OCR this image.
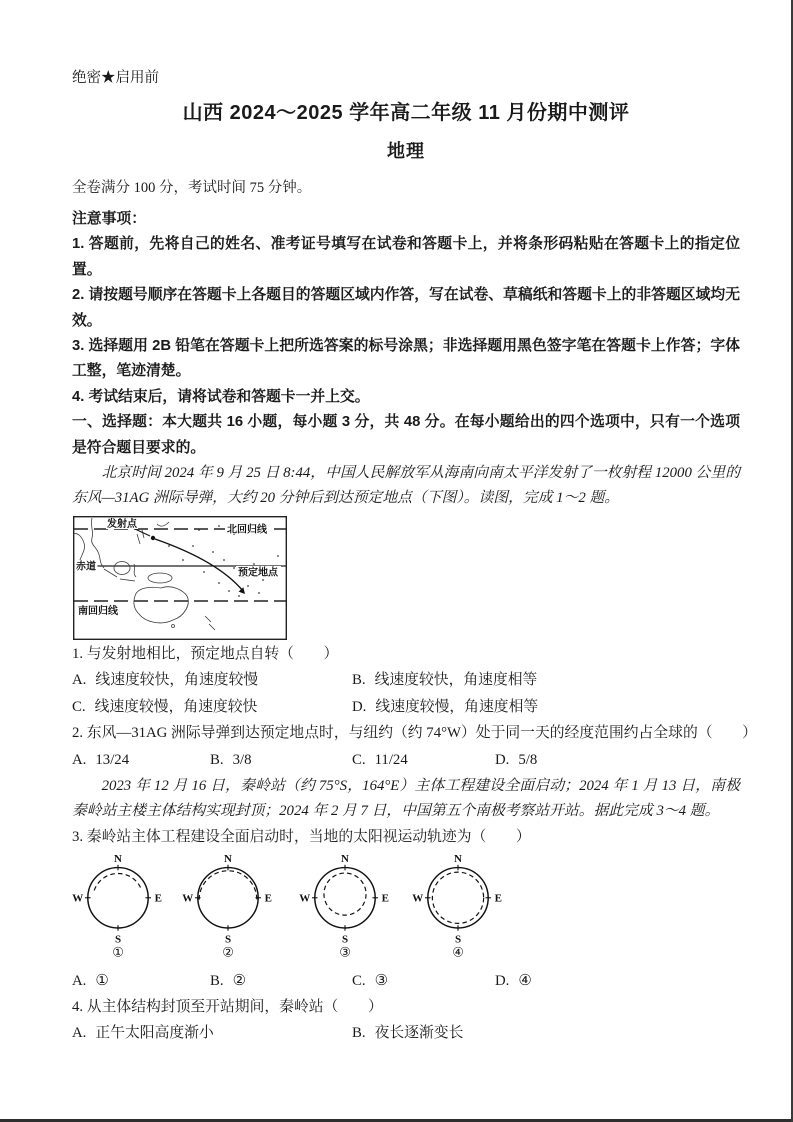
绝密★启用前

山西 2024～2025 学年高二年级 11 月份期中测评

地理

全卷满分 100 分，考试时间 75 分钟。

注意事项：

1. 答题前，先将自己的姓名、准考证号填写在试卷和答题卡上，并将条形码粘贴在答题卡上的指定位置。

2. 请按题号顺序在答题卡上各题目的答题区域内作答，写在试卷、草稿纸和答题卡上的非答题区域均无效。

3. 选择题用 2B 铅笔在答题卡上把所选答案的标号涂黑；非选择题用黑色签字笔在答题卡上作答；字体工整，笔迹清楚。

4. 考试结束后，请将试卷和答题卡一并上交。

一、选择题：本大题共 16 小题，每小题 3 分，共 48 分。在每小题给出的四个选项中，只有一个选项是符合题目要求的。

北京时间 2024 年 9 月 25 日 8:44，中国人民解放军从海南向南太平洋发射了一枚射程 12000 公里的东风—31AG 洲际导弹，大约 20 分钟后到达预定地点（下图）。读图，完成 1～2 题。

发射点	北回归线
赤道
预定地点
南回归线

1. 与发射地相比，预定地点自转（　　）

A. 线速度较快，角速度较慢	B. 线速度较快，角速度相等
C. 线速度较慢，角速度较快	D. 线速度较慢，角速度相等

2. 东风—31AG 洲际导弹到达预定地点时，与纽约（约 74°W）处于同一天的经度范围约占全球的（　　）

A. 13/24	B. 3/8	C. 11/24	D. 5/8

2023 年 12 月 16 日，秦岭站（约 75°S，164°E）主体工程建设全面启动；2024 年 1 月 13 日，南极秦岭站主楼主体结构实现封顶；2024 年 2 月 7 日，中国第五个南极考察站开站。据此完成 3～4 题。

3. 秦岭站主体工程建设全面启动时，当地的太阳视运动轨迹为（　　）

N
S
W	E
①
N
S
W	E
②
N
S
W	E
③
N
S
W	E
④
A. ①	B. ②	C. ③	D. ④

4. 从主体结构封顶至开站期间，秦岭站（　　）

A. 正午太阳高度渐小	B. 夜长逐渐变长
